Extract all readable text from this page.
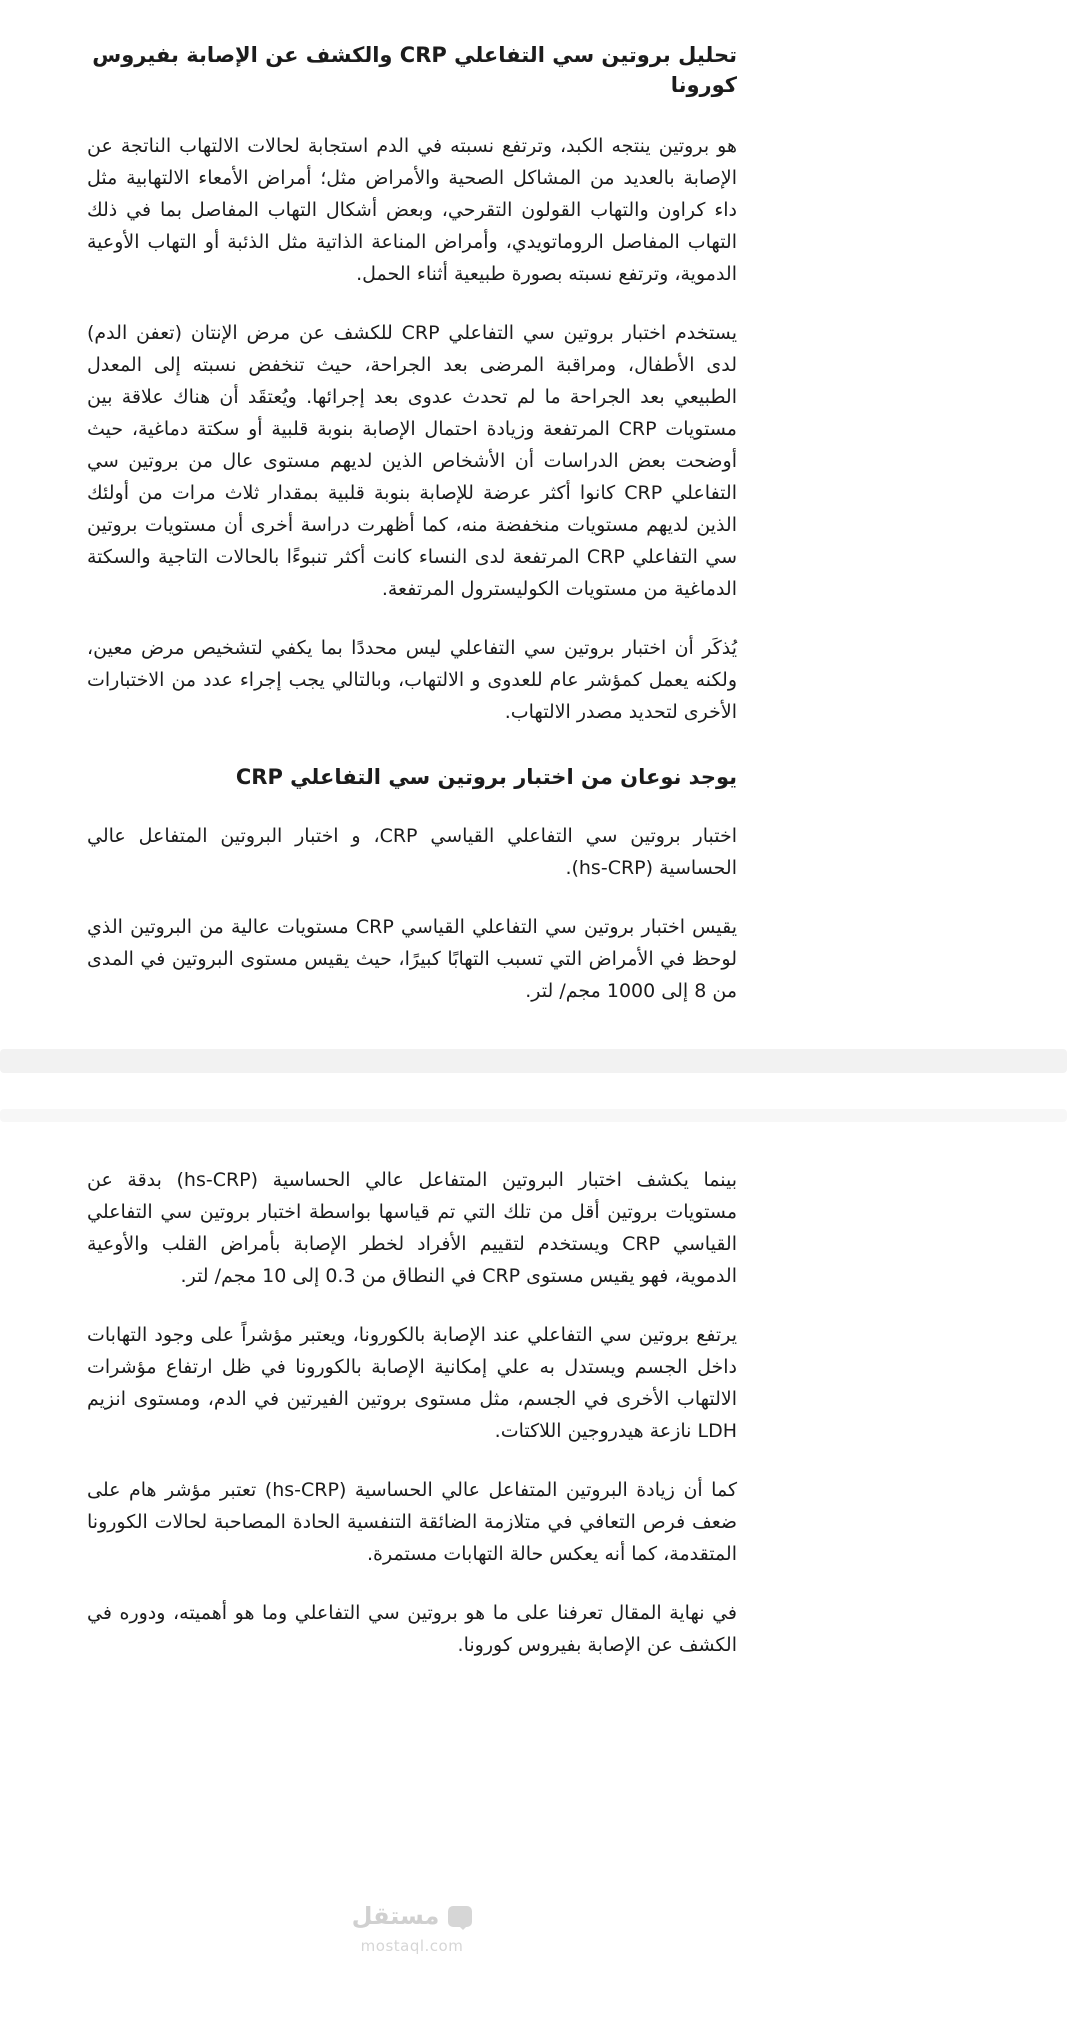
تحليل بروتين سي التفاعلي CRP والكشف عن الإصابة بفيروس كورونا

هو بروتين ينتجه الكبد، وترتفع نسبته في الدم استجابة لحالات الالتهاب الناتجة عن الإصابة بالعديد من المشاكل الصحية والأمراض مثل؛ أمراض الأمعاء الالتهابية مثل داء كراون والتهاب القولون التقرحي، وبعض أشكال التهاب المفاصل بما في ذلك التهاب المفاصل الروماتويدي، وأمراض المناعة الذاتية مثل الذئبة أو التهاب الأوعية الدموية، وترتفع نسبته بصورة طبيعية أثناء الحمل.

يستخدم اختبار بروتين سي التفاعلي CRP للكشف عن مرض الإنتان (تعفن الدم) لدى الأطفال، ومراقبة المرضى بعد الجراحة، حيث تنخفض نسبته إلى المعدل الطبيعي بعد الجراحة ما لم تحدث عدوى بعد إجرائها. ويُعتقَد أن هناك علاقة بين مستويات CRP المرتفعة وزيادة احتمال الإصابة بنوبة قلبية أو سكتة دماغية، حيث أوضحت بعض الدراسات أن الأشخاص الذين لديهم مستوى عال من بروتين سي التفاعلي CRP كانوا أكثر عرضة للإصابة بنوبة قلبية بمقدار ثلاث مرات من أولئك الذين لديهم مستويات منخفضة منه، كما أظهرت دراسة أخرى أن مستويات بروتين سي التفاعلي CRP المرتفعة لدى النساء كانت أكثر تنبوءًا بالحالات التاجية والسكتة الدماغية من مستويات الكوليسترول المرتفعة.

يُذكَر أن اختبار بروتين سي التفاعلي ليس محددًا بما يكفي لتشخيص مرض معين، ولكنه يعمل كمؤشر عام للعدوى و الالتهاب، وبالتالي يجب إجراء عدد من الاختبارات الأخرى لتحديد مصدر الالتهاب.

يوجد نوعان من اختبار بروتين سي التفاعلي CRP

اختبار بروتين سي التفاعلي القياسي CRP، و اختبار البروتين المتفاعل عالي الحساسية (hs-CRP).

يقيس اختبار بروتين سي التفاعلي القياسي CRP مستويات عالية من البروتين الذي لوحظ في الأمراض التي تسبب التهابًا كبيرًا، حيث يقيس مستوى البروتين في المدى من 8 إلى 1000 مجم/ لتر.

بينما يكشف اختبار البروتين المتفاعل عالي الحساسية (hs-CRP) بدقة عن مستويات بروتين أقل من تلك التي تم قياسها بواسطة اختبار بروتين سي التفاعلي القياسي CRP ويستخدم لتقييم الأفراد لخطر الإصابة بأمراض القلب والأوعية الدموية، فهو يقيس مستوى CRP في النطاق من 0.3 إلى 10 مجم/ لتر.

يرتفع بروتين سي التفاعلي عند الإصابة بالكورونا، ويعتبر مؤشراً على وجود التهابات داخل الجسم ويستدل به علي إمكانية الإصابة بالكورونا في ظل ارتفاع مؤشرات الالتهاب الأخرى في الجسم، مثل مستوى بروتين الفيرتين في الدم، ومستوى انزيم LDH نازعة هيدروجين اللاكتات.

كما أن زيادة البروتين المتفاعل عالي الحساسية (hs-CRP) تعتبر مؤشر هام على ضعف فرص التعافي في متلازمة الضائقة التنفسية الحادة المصاحبة لحالات الكورونا المتقدمة، كما أنه يعكس حالة التهابات مستمرة.

في نهاية المقال تعرفنا على ما هو بروتين سي التفاعلي وما هو أهميته، ودوره في الكشف عن الإصابة بفيروس كورونا.

مستقل
mostaql.com
